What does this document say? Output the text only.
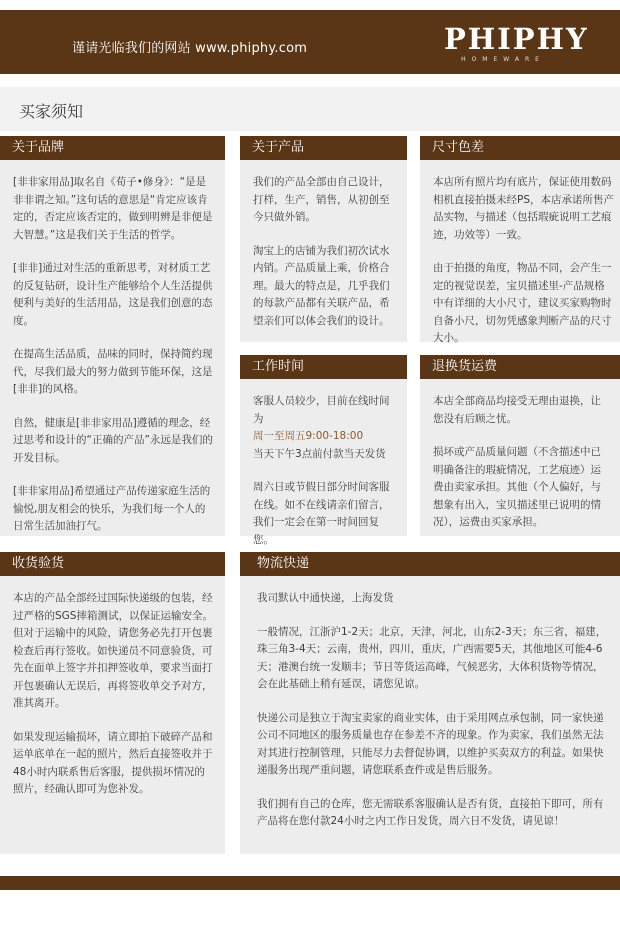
谨请光临我们的网站 www.phiphy.com	PHIPHY
HOMEWARE
买家须知
关于品牌

[非非家用品]取名自《荀子•修身》：“是是非非谓之知。”这句话的意思是“肯定应该肯定的，否定应该否定的，做到明辨是非便是大智慧。”这是我们关于生活的哲学。

[非非]通过对生活的重新思考，对材质工艺的反复钻研，设计生产能够给个人生活提供便利与美好的生活用品，这是我们创意的态度。

在提高生活品质，品味的同时，保持简约现代，尽我们最大的努力做到节能环保，这是[非非]的风格。

自然，健康是[非非家用品]遵循的理念，经过思考和设计的“正确的产品”永远是我们的开发目标。

[非非家用品]希望通过产品传递家庭生活的愉悦,朋友相会的快乐，为我们每一个人的日常生活加油打气。

关于产品

我们的产品全部由自己设计，打样，生产，销售，从初创至今只做外销。

淘宝上的店铺为我们初次试水内销。产品质量上乘，价格合理。最大的特点是，几乎我们的每款产品都有关联产品，希望亲们可以体会我们的设计。

尺寸色差

本店所有照片均有底片，保证使用数码相机直接拍摄未经PS，本店承诺所售产品实物，与描述（包括瑕疵说明工艺痕迹，功效等）一致。

由于拍摄的角度，物品不同，会产生一定的视觉误差，宝贝描述里-产品规格中有详细的大小尺寸，建议买家购物时自备小尺，切勿凭感象判断产品的尺寸大小。

工作时间

客服人员较少，目前在线时间为
周一至周五9:00-18:00
当天下午3点前付款当天发货

周六日或节假日部分时间客服在线。如不在线请亲们留言，我们一定会在第一时间回复您。

退换货运费

本店全部商品均接受无理由退换，让您没有后顾之忧。

损坏或产品质量问题（不含描述中已明确备注的瑕疵情况，工艺痕迹）运费由卖家承担。其他（个人偏好，与想象有出入，宝贝描述里已说明的情况），运费由买家承担。

收货验货

本店的产品全部经过国际快递级的包装，经过严格的SGS摔箱测试，以保证运输安全。但对于运输中的风险，请您务必先打开包裹检查后再行签收。如快递员不同意验货，可先在面单上签字并扣押签收单，要求当面打开包裹确认无误后，再将签收单交予对方，准其离开。

如果发现运输损坏，请立即拍下破碎产品和运单底单在一起的照片，然后直接签收并于48小时内联系售后客服，提供损坏情况的照片，经确认即可为您补发。

物流快递

我司默认中通快递，上海发货

一般情况，江浙沪1-2天；北京，天津，河北，山东2-3天；东三省，福建，珠三角3-4天；云南，贵州，四川，重庆，广西需要5天，其他地区可能4-6天；港澳台统一发顺丰；节日等货运高峰，气候恶劣，大体积货物等情况，会在此基础上稍有延误，请您见谅。

快递公司是独立于淘宝卖家的商业实体，由于采用网点承包制，同一家快递公司不同地区的服务质量也存在参差不齐的现象。作为卖家，我们虽然无法对其进行控制管理，只能尽力去督促协调，以维护买卖双方的利益。如果快递服务出现严重问题，请您联系查件或是售后服务。

我们拥有自己的仓库，您无需联系客服确认是否有货，直接拍下即可，所有产品将在您付款24小时之内工作日发货，周六日不发货，请见谅！
